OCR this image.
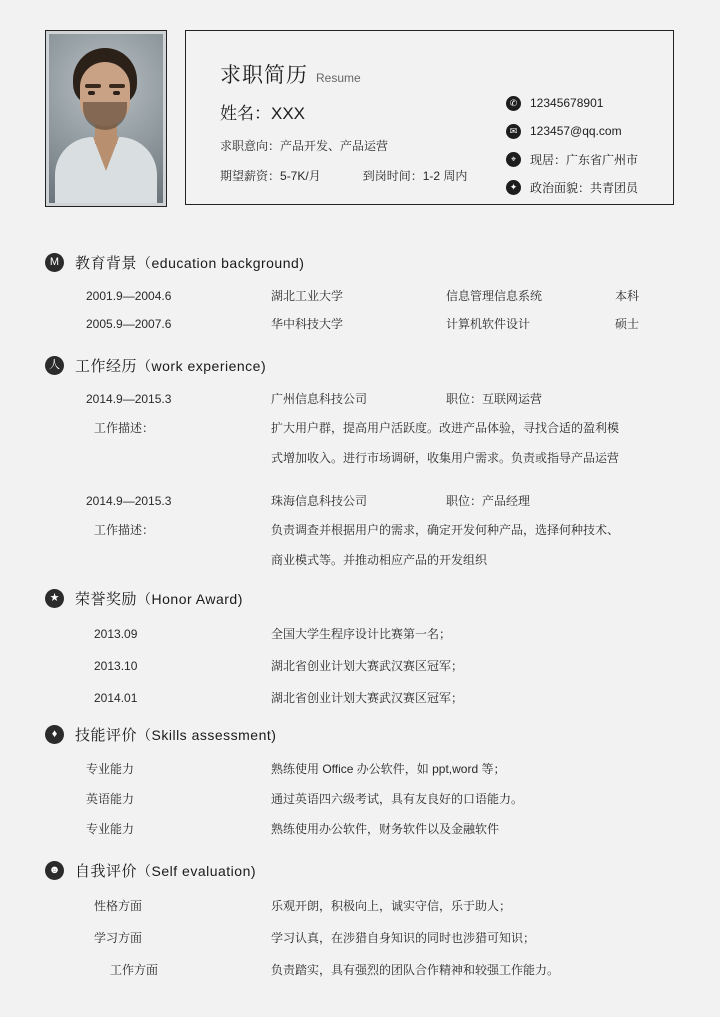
求职简历 Resume
姓名：XXX
求职意向：产品开发、产品运营
期望薪资：5-7K/月	到岗时间：1-2 周内
✆	12345678901
✉	123457@qq.com
⌖	现居：广东省广州市
✦	政治面貌：共青团员
M	教育背景（education background)
2001.9—2004.6	湖北工业大学	信息管理信息系统	本科
2005.9—2007.6	华中科技大学	计算机软件设计	硕士
人 工作经历（work experience)
2014.9—2015.3	广州信息科技公司	职位：互联网运营
工作描述：	扩大用户群，提高用户活跃度。改进产品体验，寻找合适的盈利模
式增加收入。进行市场调研，收集用户需求。负责或指导产品运营
2014.9—2015.3	珠海信息科技公司	职位：产品经理
工作描述：	负责调查并根据用户的需求，确定开发何种产品，选择何种技术、
商业模式等。并推动相应产品的开发组织
★	荣誉奖励（Honor Award)
2013.09	全国大学生程序设计比赛第一名；
2013.10	湖北省创业计划大赛武汉赛区冠军；
2014.01	湖北省创业计划大赛武汉赛区冠军；
♦	技能评价（Skills assessment)
专业能力	熟练使用 Office 办公软件，如 ppt,word 等；
英语能力	通过英语四六级考试，具有友良好的口语能力。
专业能力	熟练使用办公软件，财务软件以及金融软件
☻ 自我评价（Self evaluation)
性格方面	乐观开朗，积极向上，诚实守信，乐于助人；
学习方面	学习认真，在涉猎自身知识的同时也涉猎可知识；
工作方面	负责踏实，具有强烈的团队合作精神和较强工作能力。
